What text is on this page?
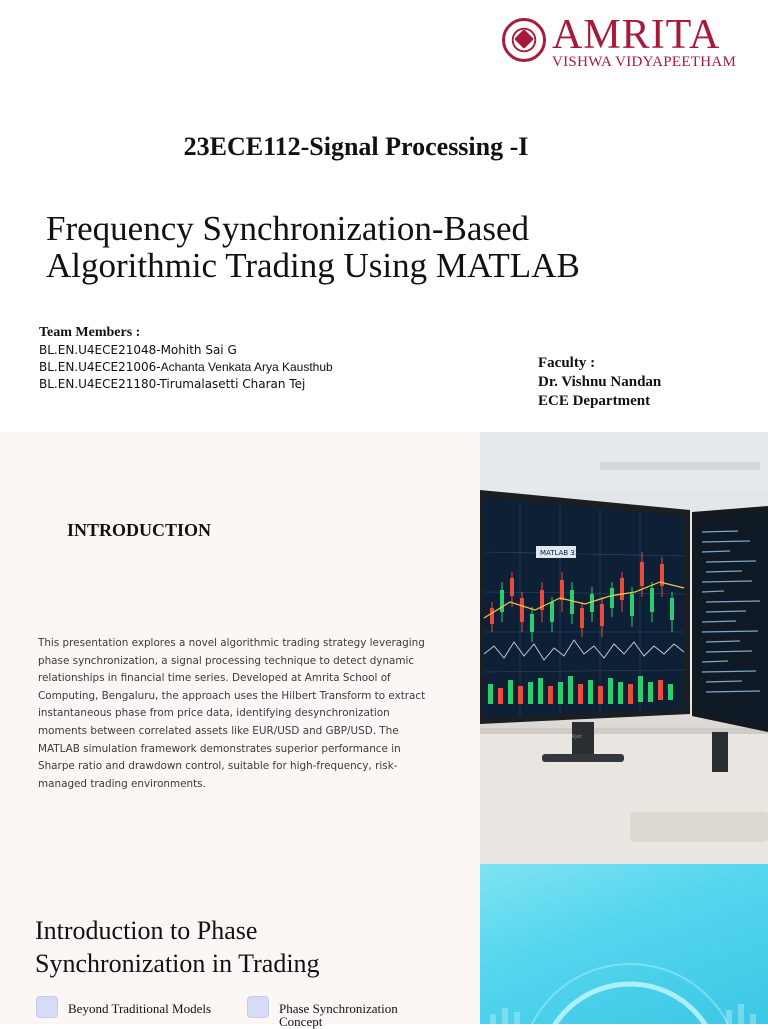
AMRITA
VISHWA VIDYAPEETHAM
23ECE112-Signal Processing -I
Frequency Synchronization-Based
Algorithmic Trading Using MATLAB
Team Members :
BL.EN.U4ECE21048-Mohith Sai G
BL.EN.U4ECE21006-Achanta Venkata Arya Kausthub
BL.EN.U4ECE21180-Tirumalasetti Charan Tej
Faculty :
Dr. Vishnu Nandan
ECE Department
INTRODUCTION
This presentation explores a novel algorithmic trading strategy leveraging phase synchronization, a signal processing technique to detect dynamic relationships in financial time series. Developed at Amrita School of Computing, Bengaluru, the approach uses the Hilbert Transform to extract instantaneous phase from price data, identifying desynchronization moments between correlated assets like EUR/USD and GBP/USD. The MATLAB simulation framework demonstrates superior performance in Sharpe ratio and drawdown control, suitable for high-frequency, risk-managed trading environments.
MATLAB 3300
Kjet
Introduction to Phase
Synchronization in Trading
Beyond Traditional Models	Phase Synchronization
Concept
